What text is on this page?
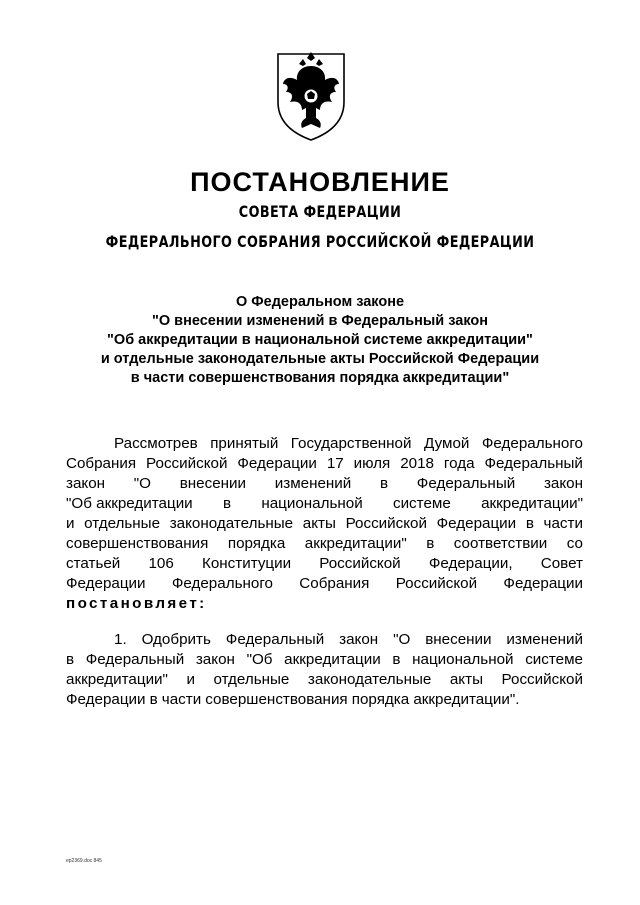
ПОСТАНОВЛЕНИЕ
СОВЕТА ФЕДЕРАЦИИ
ФЕДЕРАЛЬНОГО СОБРАНИЯ РОССИЙСКОЙ ФЕДЕРАЦИИ
О Федеральном законе
"О внесении изменений в Федеральный закон
"Об аккредитации в национальной системе аккредитации"
и отдельные законодательные акты Российской Федерации
в части совершенствования порядка аккредитации"
Рассмотрев принятый Государственной Думой Федерального
Собрания Российской Федерации 17 июля 2018 года Федеральный
закон "О внесении изменений в Федеральный закон
"Об аккредитации в национальной системе аккредитации"
и отдельные законодательные акты Российской Федерации в части
совершенствования порядка аккредитации" в соответствии со
статьей 106 Конституции Российской Федерации, Совет
Федерации Федерального Собрания Российской Федерации
постановляет:
1. Одобрить Федеральный закон "О внесении изменений
в Федеральный закон "Об аккредитации в национальной системе
аккредитации" и отдельные законодательные акты Российской
Федерации в части совершенствования порядка аккредитации".
ep2369.doc 845
